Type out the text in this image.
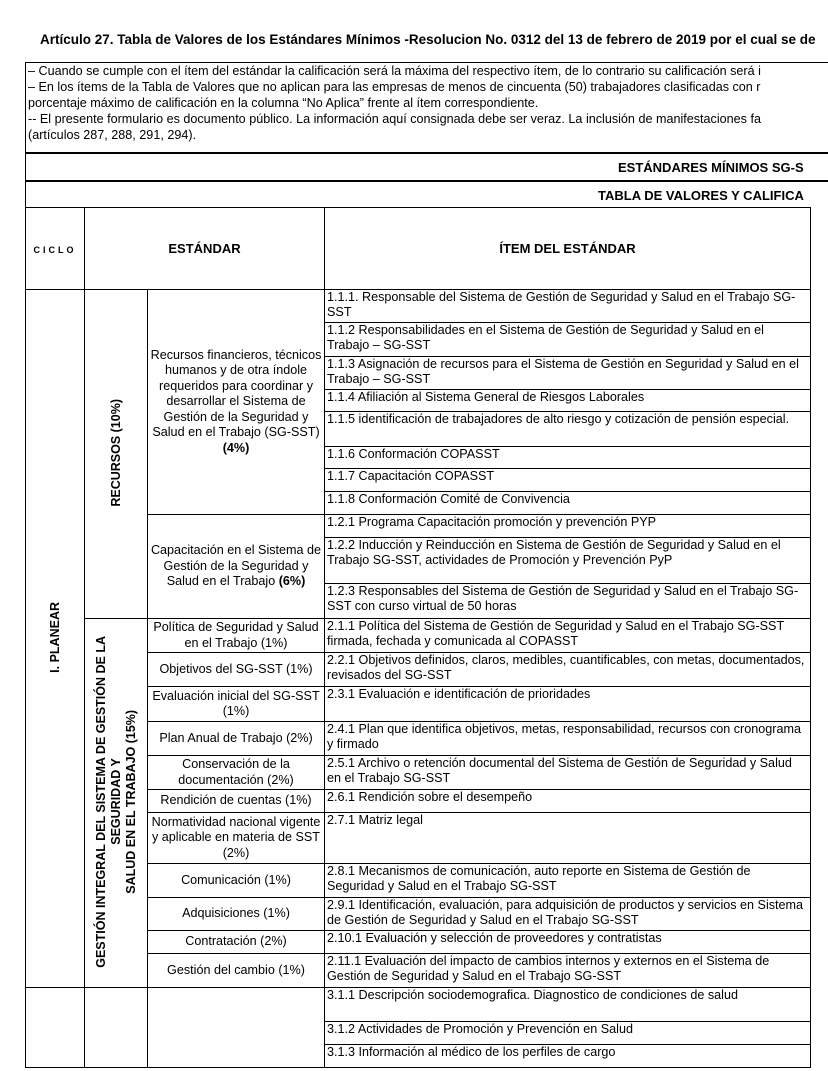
Artículo 27. Tabla de Valores de los Estándares Mínimos -Resolucion No. 0312 del 13 de febrero de 2019 por el cual se de
– Cuando se cumple con el ítem del estándar la calificación será la máxima del respectivo ítem, de lo contrario su calificación será i
– En los ítems de la Tabla de Valores que no aplican para las empresas de menos de cincuenta (50) trabajadores clasificadas con r
porcentaje máximo de calificación en la columna “No Aplica” frente al ítem correspondiente.
-- El presente formulario es documento público. La información aquí consignada debe ser veraz. La inclusión de manifestaciones fa
(artículos 287, 288, 291, 294).
ESTÁNDARES MÍNIMOS SG-S
TABLA DE VALORES Y CALIFICA
CICLO	ESTÁNDAR		ÍTEM DEL ESTÁNDAR
I. PLANEAR	RECURSOS (10%)	Recursos financieros, técnicos humanos y de otra índole requeridos para coordinar y desarrollar el Sistema de Gestión de la Seguridad y Salud en el Trabajo (SG-SST) (4%)	1.1.1. Responsable del Sistema de Gestión de Seguridad y Salud en el Trabajo SG-SST
			1.1.2 Responsabilidades en el Sistema de Gestión de Seguridad y Salud en el Trabajo – SG-SST
			1.1.3 Asignación de recursos para el Sistema de Gestión en Seguridad y Salud en el Trabajo – SG-SST
			1.1.4 Afiliación al Sistema General de Riesgos Laborales
			1.1.5 identificación de trabajadores de alto riesgo y cotización de pensión especial.
			1.1.6 Conformación COPASST
			1.1.7 Capacitación COPASST
			1.1.8 Conformación Comité de Convivencia
		Capacitación en el Sistema de Gestión de la Seguridad y Salud en el Trabajo (6%)	1.2.1 Programa Capacitación promoción y prevención PYP
			1.2.2 Inducción y Reinducción en Sistema de Gestión de Seguridad y Salud en el Trabajo SG-SST, actividades de Promoción y Prevención PyP
			1.2.3 Responsables del Sistema de Gestión de Seguridad y Salud en el Trabajo SG-SST con curso virtual de 50 horas
	GESTIÓN INTEGRAL DEL SISTEMA DE GESTIÓN DE LA
SEGURIDAD Y
SALUD EN EL TRABAJO (15%)	Política de Seguridad y Salud en el Trabajo (1%)	2.1.1 Política del Sistema de Gestión de Seguridad y Salud en el Trabajo SG-SST firmada, fechada y comunicada al COPASST
		Objetivos del SG-SST (1%)	2.2.1 Objetivos definidos, claros, medibles, cuantificables, con metas, documentados, revisados del SG-SST
		Evaluación inicial del SG-SST (1%)	2.3.1 Evaluación e identificación de prioridades
		Plan Anual de Trabajo (2%)	2.4.1 Plan que identifica objetivos, metas, responsabilidad, recursos con cronograma y firmado
		Conservación de la documentación (2%)	2.5.1 Archivo o retención documental del Sistema de Gestión de Seguridad y Salud en el Trabajo SG-SST
		Rendición de cuentas (1%)	2.6.1 Rendición sobre el desempeño
		Normatividad nacional vigente y aplicable en materia de SST (2%)	2.7.1 Matriz legal
		Comunicación (1%)	2.8.1 Mecanismos de comunicación, auto reporte en Sistema de Gestión de Seguridad y Salud en el Trabajo SG-SST
		Adquisiciones (1%)	2.9.1 Identificación, evaluación, para adquisición de productos y servicios en Sistema de Gestión de Seguridad y Salud en el Trabajo SG-SST
		Contratación (2%)	2.10.1 Evaluación y selección de proveedores y contratistas
		Gestión del cambio (1%)	2.11.1 Evaluación del impacto de cambios internos y externos en el Sistema de Gestión de Seguridad y Salud en el Trabajo SG-SST
			3.1.1 Descripción sociodemografica. Diagnostico de condiciones de salud
			3.1.2 Actividades de Promoción y Prevención en Salud
			3.1.3 Información al médico de los perfiles de cargo
